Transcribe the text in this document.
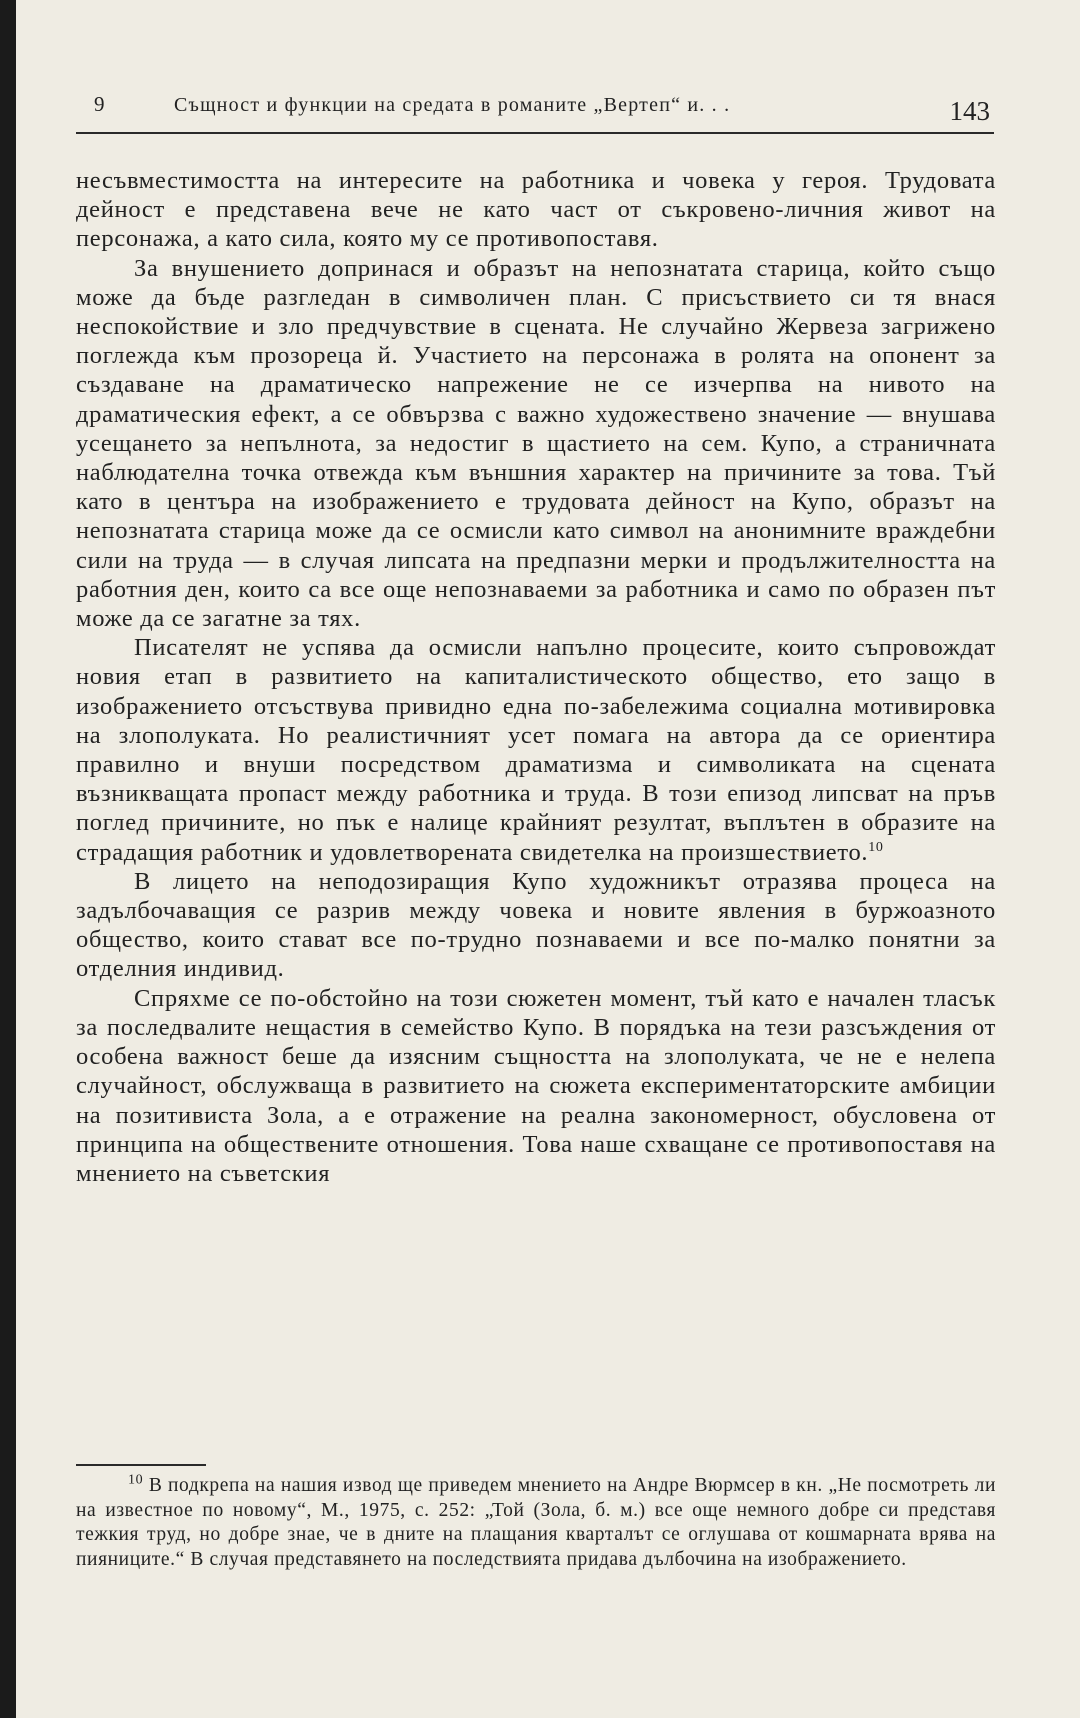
9	Същност и функции на средата в романите „Вертеп“ и. . .	143

несъвместимостта на интересите на работника и човека у героя. Трудовата дейност е представена вече не като част от съкровено-личния живот на персонажа, а като сила, която му се противопоставя.

За внушението допринася и образът на непознатата старица, който също може да бъде разгледан в символичен план. С присъствието си тя внася неспокойствие и зло предчувствие в сцената. Не случайно Жервеза загрижено поглежда към прозореца й. Участието на персонажа в ролята на опонент за създаване на драматическо напрежение не се изчерпва на нивото на драматическия ефект, а се обвързва с важно художествено значение — внушава усещането за непълнота, за недостиг в щастието на сем. Купо, а страничната наблюдателна точка отвежда към външния характер на причините за това. Тъй като в центъра на изображението е трудовата дейност на Купо, образът на непознатата старица може да се осмисли като символ на анонимните враждебни сили на труда — в случая липсата на предпазни мерки и продължителността на работния ден, които са все още непознаваеми за работника и само по образен път може да се загатне за тях.

Писателят не успява да осмисли напълно процесите, които съпровождат новия етап в развитието на капиталистическото общество, ето защо в изображението отсъствува привидно една по-забележима социална мотивировка на злополуката. Но реалистичният усет помага на автора да се ориентира правилно и внуши посредством драматизма и символиката на сцената възникващата пропаст между работника и труда. В този епизод липсват на пръв поглед причините, но пък е налице крайният резултат, въплътен в образите на страдащия работник и удовлетворената свидетелка на произшествието.$^{10}$

В лицето на неподозиращия Купо художникът отразява процеса на задълбочаващия се разрив между човека и новите явления в буржоазното общество, които стават все по-трудно познаваеми и все по-малко понятни за отделния индивид.

Спряхме се по-обстойно на този сюжетен момент, тъй като е начален тласък за последвалите нещастия в семейство Купо. В порядъка на тези разсъждения от особена важност беше да изясним същността на злополуката, че не е нелепа случайност, обслужваща в развитието на сюжета експериментаторските амбиции на позитивиста Зола, а е отражение на реална закономерност, обусловена от принципа на обществените отношения. Това наше схващане се противопоставя на мнението на съветския

$^{10}$ В подкрепа на нашия извод ще приведем мнението на Андре Вюрмсер в кн. „Не посмотреть ли на известное по новому“, М., 1975, с. 252: „Той (Зола, б. м.) все още немного добре си представя тежкия труд, но добре знае, че в дните на плащания кварталът се оглушава от кошмарната врява на пияниците.“ В случая представянето на последствията придава дълбочина на изображението.
